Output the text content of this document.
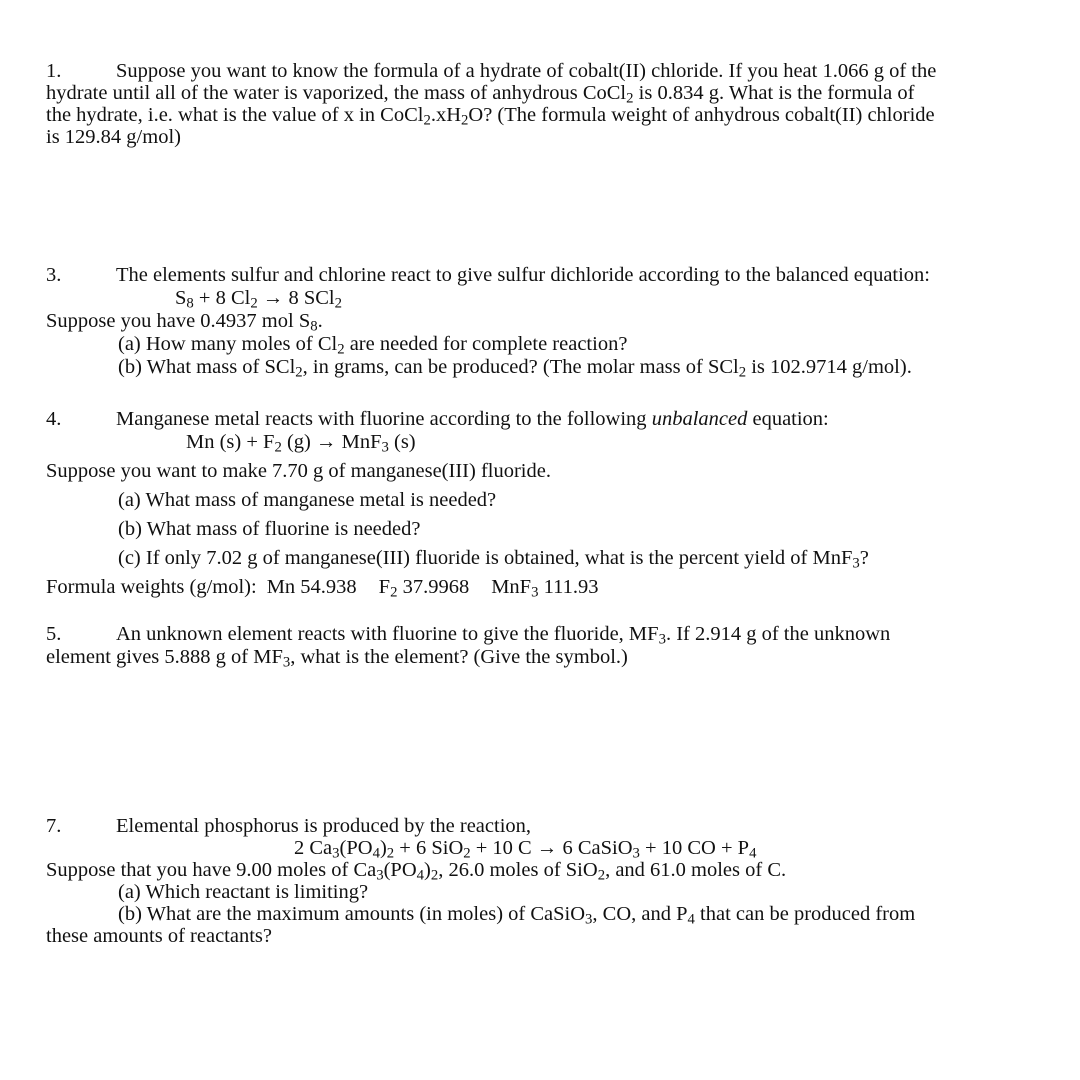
1.	Suppose you want to know the formula of a hydrate of cobalt(II) chloride. If you heat 1.066 g of the
hydrate until all of the water is vaporized, the mass of anhydrous CoCl$_2$ is 0.834 g. What is the formula of
the hydrate, i.e. what is the value of x in $CoCl_2.xH_2O$? (The formula weight of anhydrous cobalt(II) chloride
is 129.84 g/mol)
3.	The elements sulfur and chlorine react to give sulfur dichloride according to the balanced equation:
$S_8 + 8$ $Cl_2 \to 8$ SCl$_2$
Suppose you have 0.4937 mol $S_8$.
(a) How many moles of $Cl_2$ are needed for complete reaction?
(b) What mass of SCl$_2$, in grams, can be produced? (The molar mass of SCl$_2$ is 102.9714 g/mol).
4.	Manganese metal reacts with fluorine according to the following unbalanced equation:
Mn $(s) + F_2$ (g) → MnF$_3$ (s)
Suppose you want to make 7.70 g of manganese(III) fluoride.
(a) What mass of manganese metal is needed?
(b) What mass of fluorine is needed?
(c) If only 7.02 g of manganese(III) fluoride is obtained, what is the percent yield of MnF$_3$?
Formula weights (g/mol): Mn 54.938 $F_2$ 37.9968 MnF$_3$ 111.93
5.	An unknown element reacts with fluorine to give the fluoride, $MF_3$. If 2.914 g of the unknown
element gives 5.888 g of $MF_3$, what is the element? (Give the symbol.)
7.	Elemental phosphorus is produced by the reaction,
2 $Ca_3(PO_4)_2 + 6$ SiO$_2$ + 10 C → 6 CaSiO$_3$ + 10 CO + $P_4$
Suppose that you have 9.00 moles of $Ca_3(PO_4)_2$, 26.0 moles of SiO$_2$, and 61.0 moles of C.
(a) Which reactant is limiting?
(b) What are the maximum amounts (in moles) of CaSiO$_3$, CO, and $P_4$ that can be produced from
these amounts of reactants?
